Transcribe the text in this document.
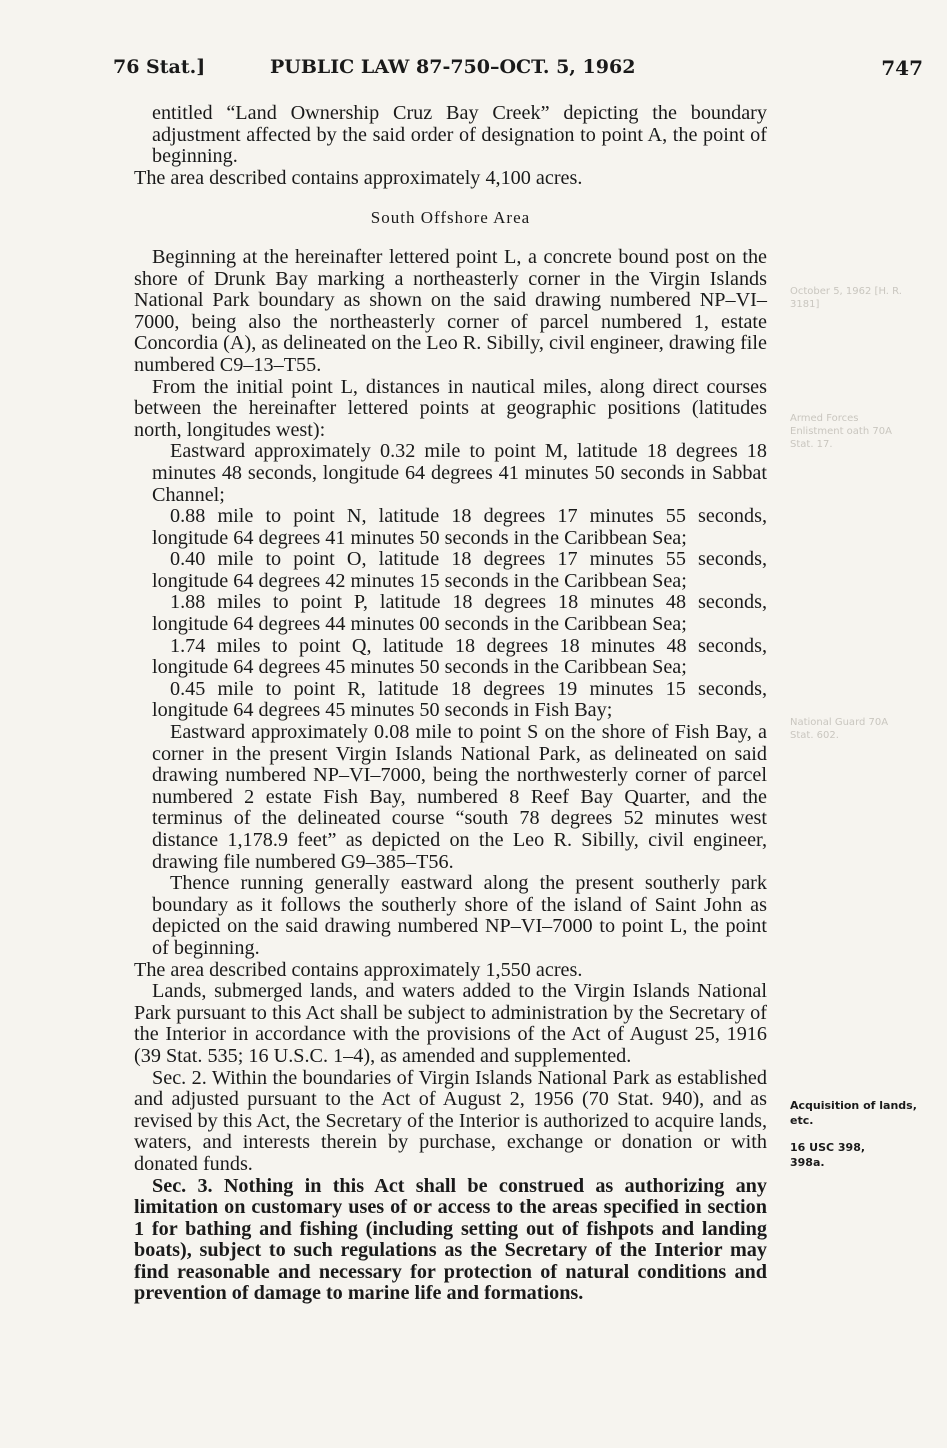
76 Stat.]	PUBLIC LAW 87-750–OCT. 5, 1962	747

entitled “Land Ownership Cruz Bay Creek” depicting the boundary adjustment affected by the said order of designation to point A, the point of beginning.

The area described contains approximately 4,100 acres.

South Offshore Area

Beginning at the hereinafter lettered point L, a concrete bound post on the shore of Drunk Bay marking a northeasterly corner in the Virgin Islands National Park boundary as shown on the said drawing numbered NP–VI–7000, being also the northeasterly corner of parcel numbered 1, estate Concordia (A), as delineated on the Leo R. Sibilly, civil engineer, drawing file numbered C9–13–T55.

From the initial point L, distances in nautical miles, along direct courses between the hereinafter lettered points at geographic positions (latitudes north, longitudes west):

Eastward approximately 0.32 mile to point M, latitude 18 degrees 18 minutes 48 seconds, longitude 64 degrees 41 minutes 50 seconds in Sabbat Channel;

0.88 mile to point N, latitude 18 degrees 17 minutes 55 seconds, longitude 64 degrees 41 minutes 50 seconds in the Caribbean Sea;

0.40 mile to point O, latitude 18 degrees 17 minutes 55 seconds, longitude 64 degrees 42 minutes 15 seconds in the Caribbean Sea;

1.88 miles to point P, latitude 18 degrees 18 minutes 48 seconds, longitude 64 degrees 44 minutes 00 seconds in the Caribbean Sea;

1.74 miles to point Q, latitude 18 degrees 18 minutes 48 seconds, longitude 64 degrees 45 minutes 50 seconds in the Caribbean Sea;

0.45 mile to point R, latitude 18 degrees 19 minutes 15 seconds, longitude 64 degrees 45 minutes 50 seconds in Fish Bay;

Eastward approximately 0.08 mile to point S on the shore of Fish Bay, a corner in the present Virgin Islands National Park, as delineated on said drawing numbered NP–VI–7000, being the northwesterly corner of parcel numbered 2 estate Fish Bay, numbered 8 Reef Bay Quarter, and the terminus of the delineated course “south 78 degrees 52 minutes west distance 1,178.9 feet” as depicted on the Leo R. Sibilly, civil engineer, drawing file numbered G9–385–T56.

Thence running generally eastward along the present southerly park boundary as it follows the southerly shore of the island of Saint John as depicted on the said drawing numbered NP–VI–7000 to point L, the point of beginning.

The area described contains approximately 1,550 acres.

Lands, submerged lands, and waters added to the Virgin Islands National Park pursuant to this Act shall be subject to administration by the Secretary of the Interior in accordance with the provisions of the Act of August 25, 1916 (39 Stat. 535; 16 U.S.C. 1–4), as amended and supplemented.

Sec. 2. Within the boundaries of Virgin Islands National Park as established and adjusted pursuant to the Act of August 2, 1956 (70 Stat. 940), and as revised by this Act, the Secretary of the Interior is authorized to acquire lands, waters, and interests therein by purchase, exchange or donation or with donated funds.

Sec. 3. Nothing in this Act shall be construed as authorizing any limitation on customary uses of or access to the areas specified in section 1 for bathing and fishing (including setting out of fishpots and landing boats), subject to such regulations as the Secretary of the Interior may find reasonable and necessary for protection of natural conditions and prevention of damage to marine life and formations.

Acquisition of lands, etc.
16 USC 398, 398a.
October 5, 1962 [H. R. 3181]
Armed Forces Enlistment oath 70A Stat. 17.
National Guard 70A Stat. 602.
